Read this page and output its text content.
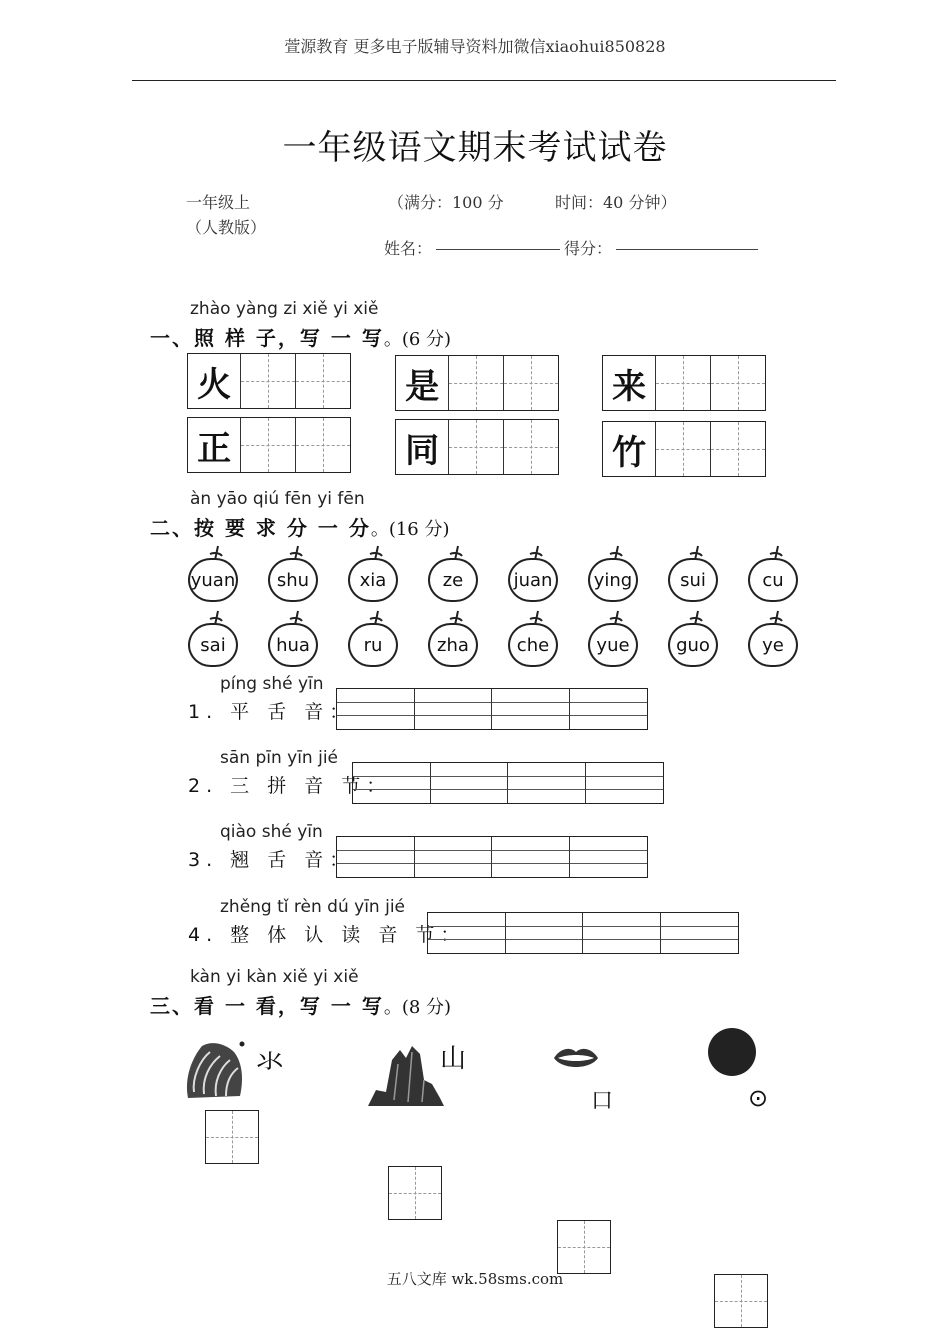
萱源教育 更多电子版辅导资料加微信xiaohui850828
一年级语文期末考试试卷
一年级上
（人教版）
（满分：100 分	时间：40 分钟）
姓名：	得分：
zhào yàng zi xiě yi xiě
一、照 样 子，写 一 写。(6 分)
火	是	来
正	同	竹
àn yāo qiú fēn yi fēn
二、按 要 求 分 一 分。(16 分)
yuan	shu	xia	ze	juan	ying	sui	cu
sai	hua	ru	zha	che	yue	guo	ye
píng shé yīn
1. 平 舌 音：
sān pīn yīn jié
2. 三 拼 音 节：
qiào shé yīn
3. 翘 舌 音：
zhěng tǐ rèn dú yīn jié
4. 整 体 认 读 音 节：
kàn yi kàn xiě yi xiě
三、看 一 看，写 一 写。(8 分)
氺	山
口	⊙
五八文库 wk.58sms.com
